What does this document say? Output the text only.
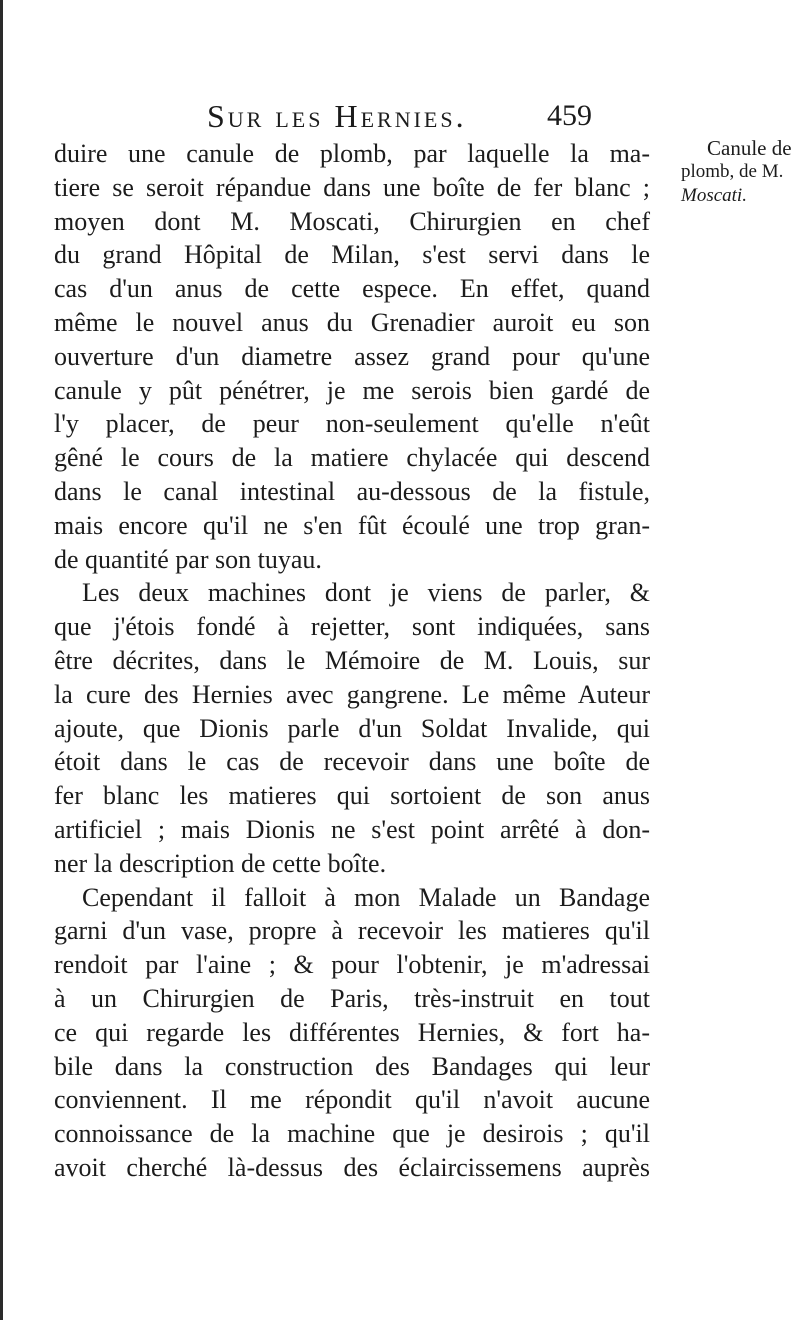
Sur les Hernies.	459
Canule de
plomb, de M.
Moscati.
duire une canule de plomb, par laquelle la ma-
tiere se seroit répandue dans une boîte de fer blanc ;
moyen dont M. Moscati, Chirurgien en chef
du grand Hôpital de Milan, s'est servi dans le
cas d'un anus de cette espece. En effet, quand
même le nouvel anus du Grenadier auroit eu son
ouverture d'un diametre assez grand pour qu'une
canule y pût pénétrer, je me serois bien gardé de
l'y placer, de peur non-seulement qu'elle n'eût
gêné le cours de la matiere chylacée qui descend
dans le canal intestinal au-dessous de la fistule,
mais encore qu'il ne s'en fût écoulé une trop gran-
de quantité par son tuyau.
Les deux machines dont je viens de parler, &
que j'étois fondé à rejetter, sont indiquées, sans
être décrites, dans le Mémoire de M. Louis, sur
la cure des Hernies avec gangrene. Le même Auteur
ajoute, que Dionis parle d'un Soldat Invalide, qui
étoit dans le cas de recevoir dans une boîte de
fer blanc les matieres qui sortoient de son anus
artificiel ; mais Dionis ne s'est point arrêté à don-
ner la description de cette boîte.
Cependant il falloit à mon Malade un Bandage
garni d'un vase, propre à recevoir les matieres qu'il
rendoit par l'aine ; & pour l'obtenir, je m'adressai
à un Chirurgien de Paris, très-instruit en tout
ce qui regarde les différentes Hernies, & fort ha-
bile dans la construction des Bandages qui leur
conviennent. Il me répondit qu'il n'avoit aucune
connoissance de la machine que je desirois ; qu'il
avoit cherché là-dessus des éclaircissemens auprès
